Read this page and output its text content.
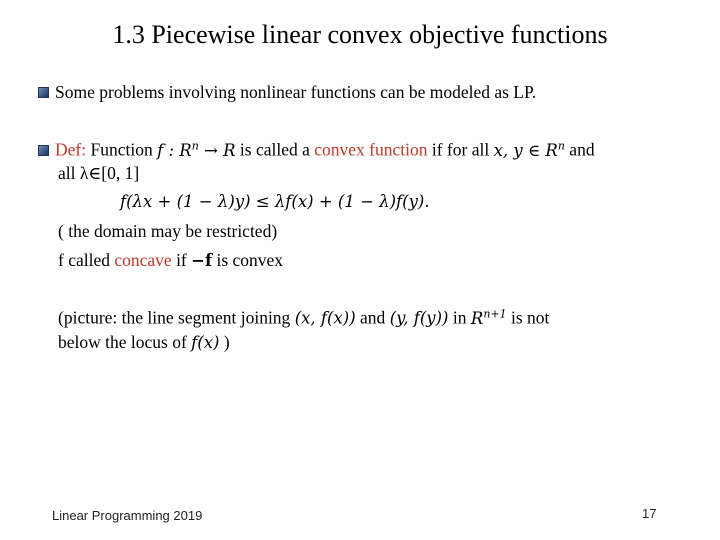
1.3 Piecewise linear convex objective functions
Some problems involving nonlinear functions can be modeled as LP.
Def: Function f : $R^n \to R$ is called a convex function if for all x, y ∈ $R^n$ and
all λ∈[0, 1]
f(λx + (1 − λ)y) ≤ λf(x) + (1 − λ)f(y).
( the domain may be restricted)
f called concave if −f is convex
(picture: the line segment joining (x, f(x)) and (y, f(y)) in $R^{n+1}$ is not
below the locus of f(x) )
Linear Programming 2019	17
